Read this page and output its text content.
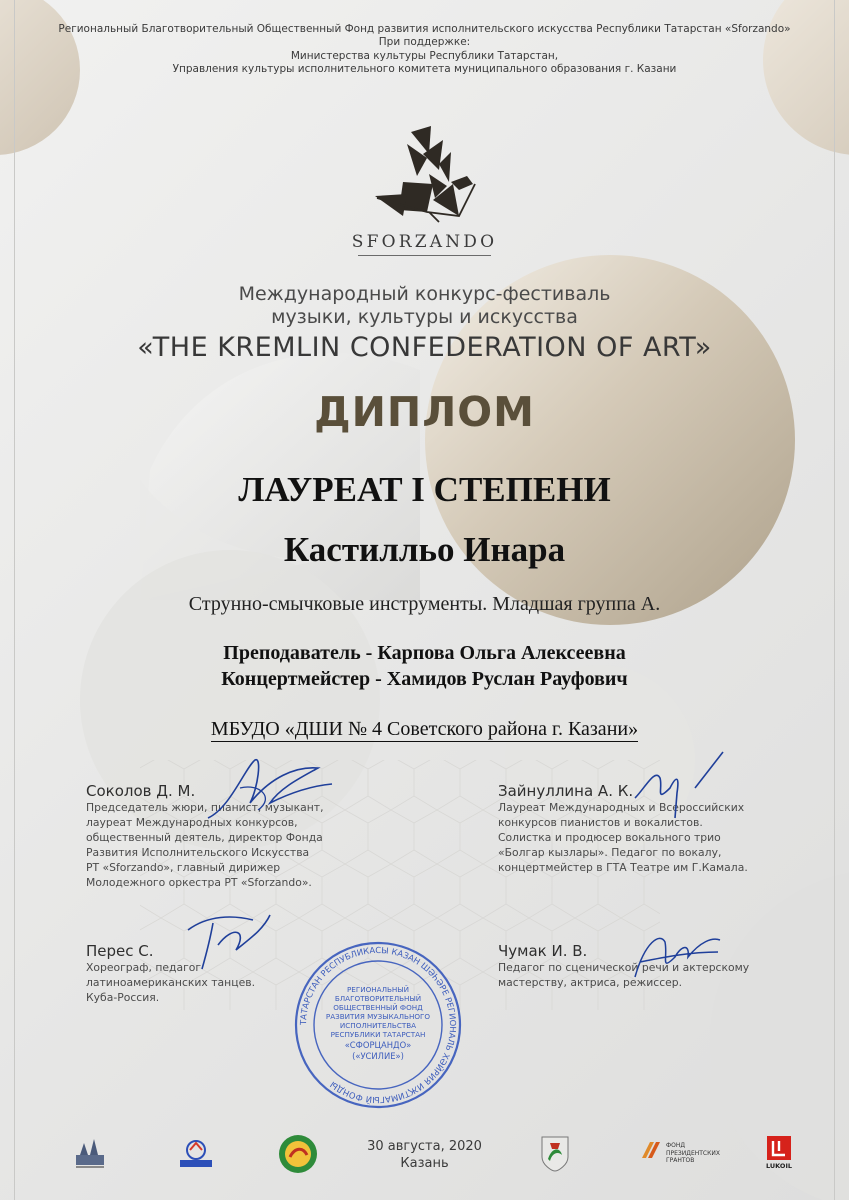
Региональный Благотворительный Общественный Фонд развития исполнительского искусства Республики Татарстан «Sforzando»
При поддержке:
Министерства культуры Республики Татарстан,
Управления культуры исполнительного комитета муниципального образования г. Казани
SFORZANDO
Международный конкурс-фестиваль
музыки, культуры и искусства
«THE KREMLIN CONFEDERATION OF ART»
ДИПЛОМ
ЛАУРЕАТ I СТЕПЕНИ
Кастилльо Инара
Струнно-смычковые инструменты. Младшая группа А.
Преподаватель - Карпова Ольга Алексеевна
Концертмейстер - Хамидов Руслан Рауфович
МБУДО «ДШИ № 4 Советского района г. Казани»
Соколов Д. М.
Председатель жюри, пианист, музыкант,
лауреат Международных конкурсов,
общественный деятель, директор Фонда
Развития Исполнительского Искусства
РТ «Sforzando», главный дирижер
Молодежного оркестра РТ «Sforzando».
Зайнуллина А. К.
Лауреат Международных и Всероссийских
конкурсов пианистов и вокалистов.
Солистка и продюсер вокального трио
«Болгар кызлары». Педагог по вокалу,
концертмейстер в ГТА Театре им Г.Камала.
Перес С.
Хореограф, педагог
латиноамериканских танцев.
Куба-Россия.
Чумак И. В.
Педагог по сценической речи и актерскому
мастерству, актриса, режиссер.
ТАТАРСТАН РЕСПУБЛИКАСЫ КАЗАН ШӘҺӘРЕ РЕГИОНАЛЬ ХӘЙРИЯ ИҖТИМАГЫЙ ФОНДЫ
РЕГИОНАЛЬНЫЙ
БЛАГОТВОРИТЕЛЬНЫЙ
ОБЩЕСТВЕННЫЙ ФОНД
РАЗВИТИЯ МУЗЫКАЛЬНОГО
ИСПОЛНИТЕЛЬСТВА
РЕСПУБЛИКИ ТАТАРСТАН
«СФОРЦАНДО»
(«УСИЛИЕ»)
30 августа, 2020
Казань
ФОНД
ПРЕЗИДЕНТСКИХ
ГРАНТОВ
LUKOIL
